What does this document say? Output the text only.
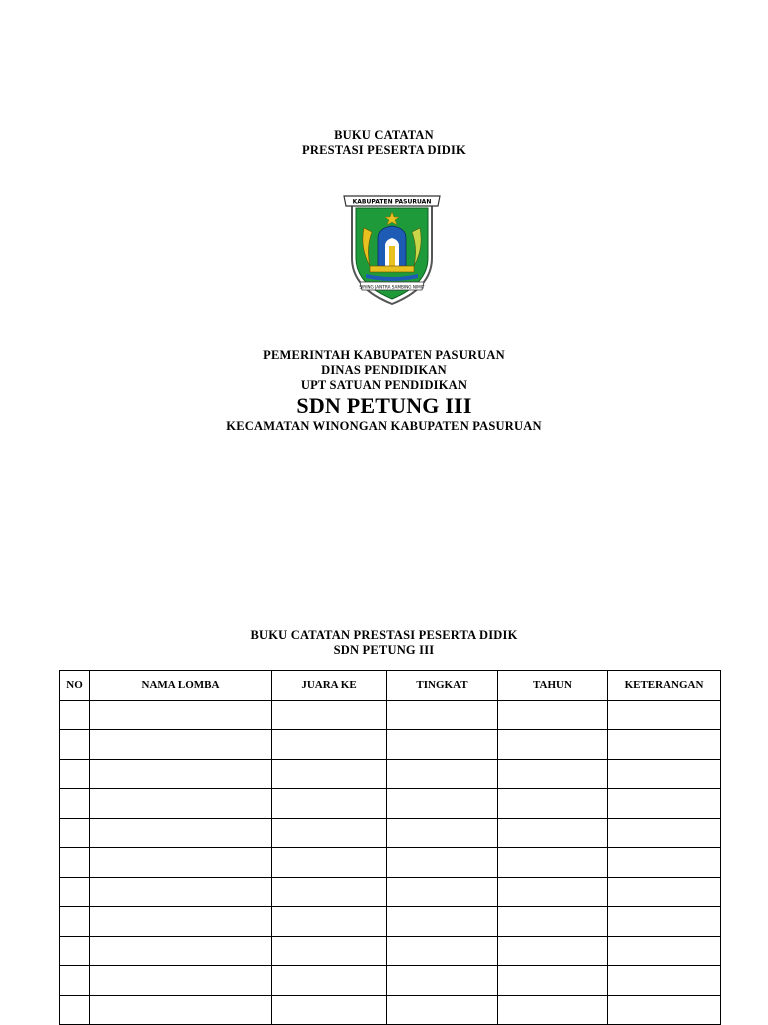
BUKU CATATAN
PRESTASI PESERTA DIDIK
KABUPATEN PASURUAN
SIRING JANTRA SAMBING NIMIT
PEMERINTAH KABUPATEN PASURUAN
DINAS PENDIDIKAN
UPT SATUAN PENDIDIKAN
SDN PETUNG III
KECAMATAN WINONGAN KABUPATEN PASURUAN
BUKU CATATAN PRESTASI PESERTA DIDIK
SDN PETUNG III
NO	NAMA LOMBA	JUARA KE	TINGKAT	TAHUN	KETERANGAN
